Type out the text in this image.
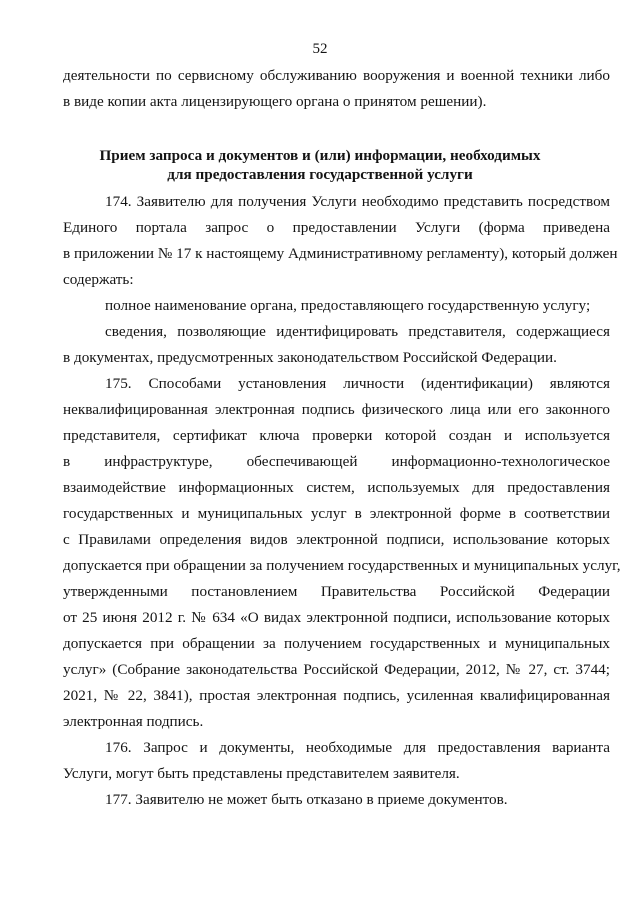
52
деятельности по сервисному обслуживанию вооружения и военной техники либо
в виде копии акта лицензирующего органа о принятом решении).
Прием запроса и документов и (или) информации, необходимых
для предоставления государственной услуги
174. Заявителю для получения Услуги необходимо представить посредством
Единого портала запрос о предоставлении Услуги (форма приведена
в приложении № 17 к настоящему Административному регламенту), который должен
содержать:
полное наименование органа, предоставляющего государственную услугу;
сведения, позволяющие идентифицировать представителя, содержащиеся
в документах, предусмотренных законодательством Российской Федерации.
175. Способами установления личности (идентификации) являются
неквалифицированная электронная подпись физического лица или его законного
представителя, сертификат ключа проверки которой создан и используется
в инфраструктуре, обеспечивающей информационно-технологическое
взаимодействие информационных систем, используемых для предоставления
государственных и муниципальных услуг в электронной форме в соответствии
с Правилами определения видов электронной подписи, использование которых
допускается при обращении за получением государственных и муниципальных услуг,
утвержденными постановлением Правительства Российской Федерации
от 25 июня 2012 г. № 634 «О видах электронной подписи, использование которых
допускается при обращении за получением государственных и муниципальных
услуг» (Собрание законодательства Российской Федерации, 2012, № 27, ст. 3744;
2021, № 22, 3841), простая электронная подпись, усиленная квалифицированная
электронная подпись.
176. Запрос и документы, необходимые для предоставления варианта
Услуги, могут быть представлены представителем заявителя.
177. Заявителю не может быть отказано в приеме документов.
